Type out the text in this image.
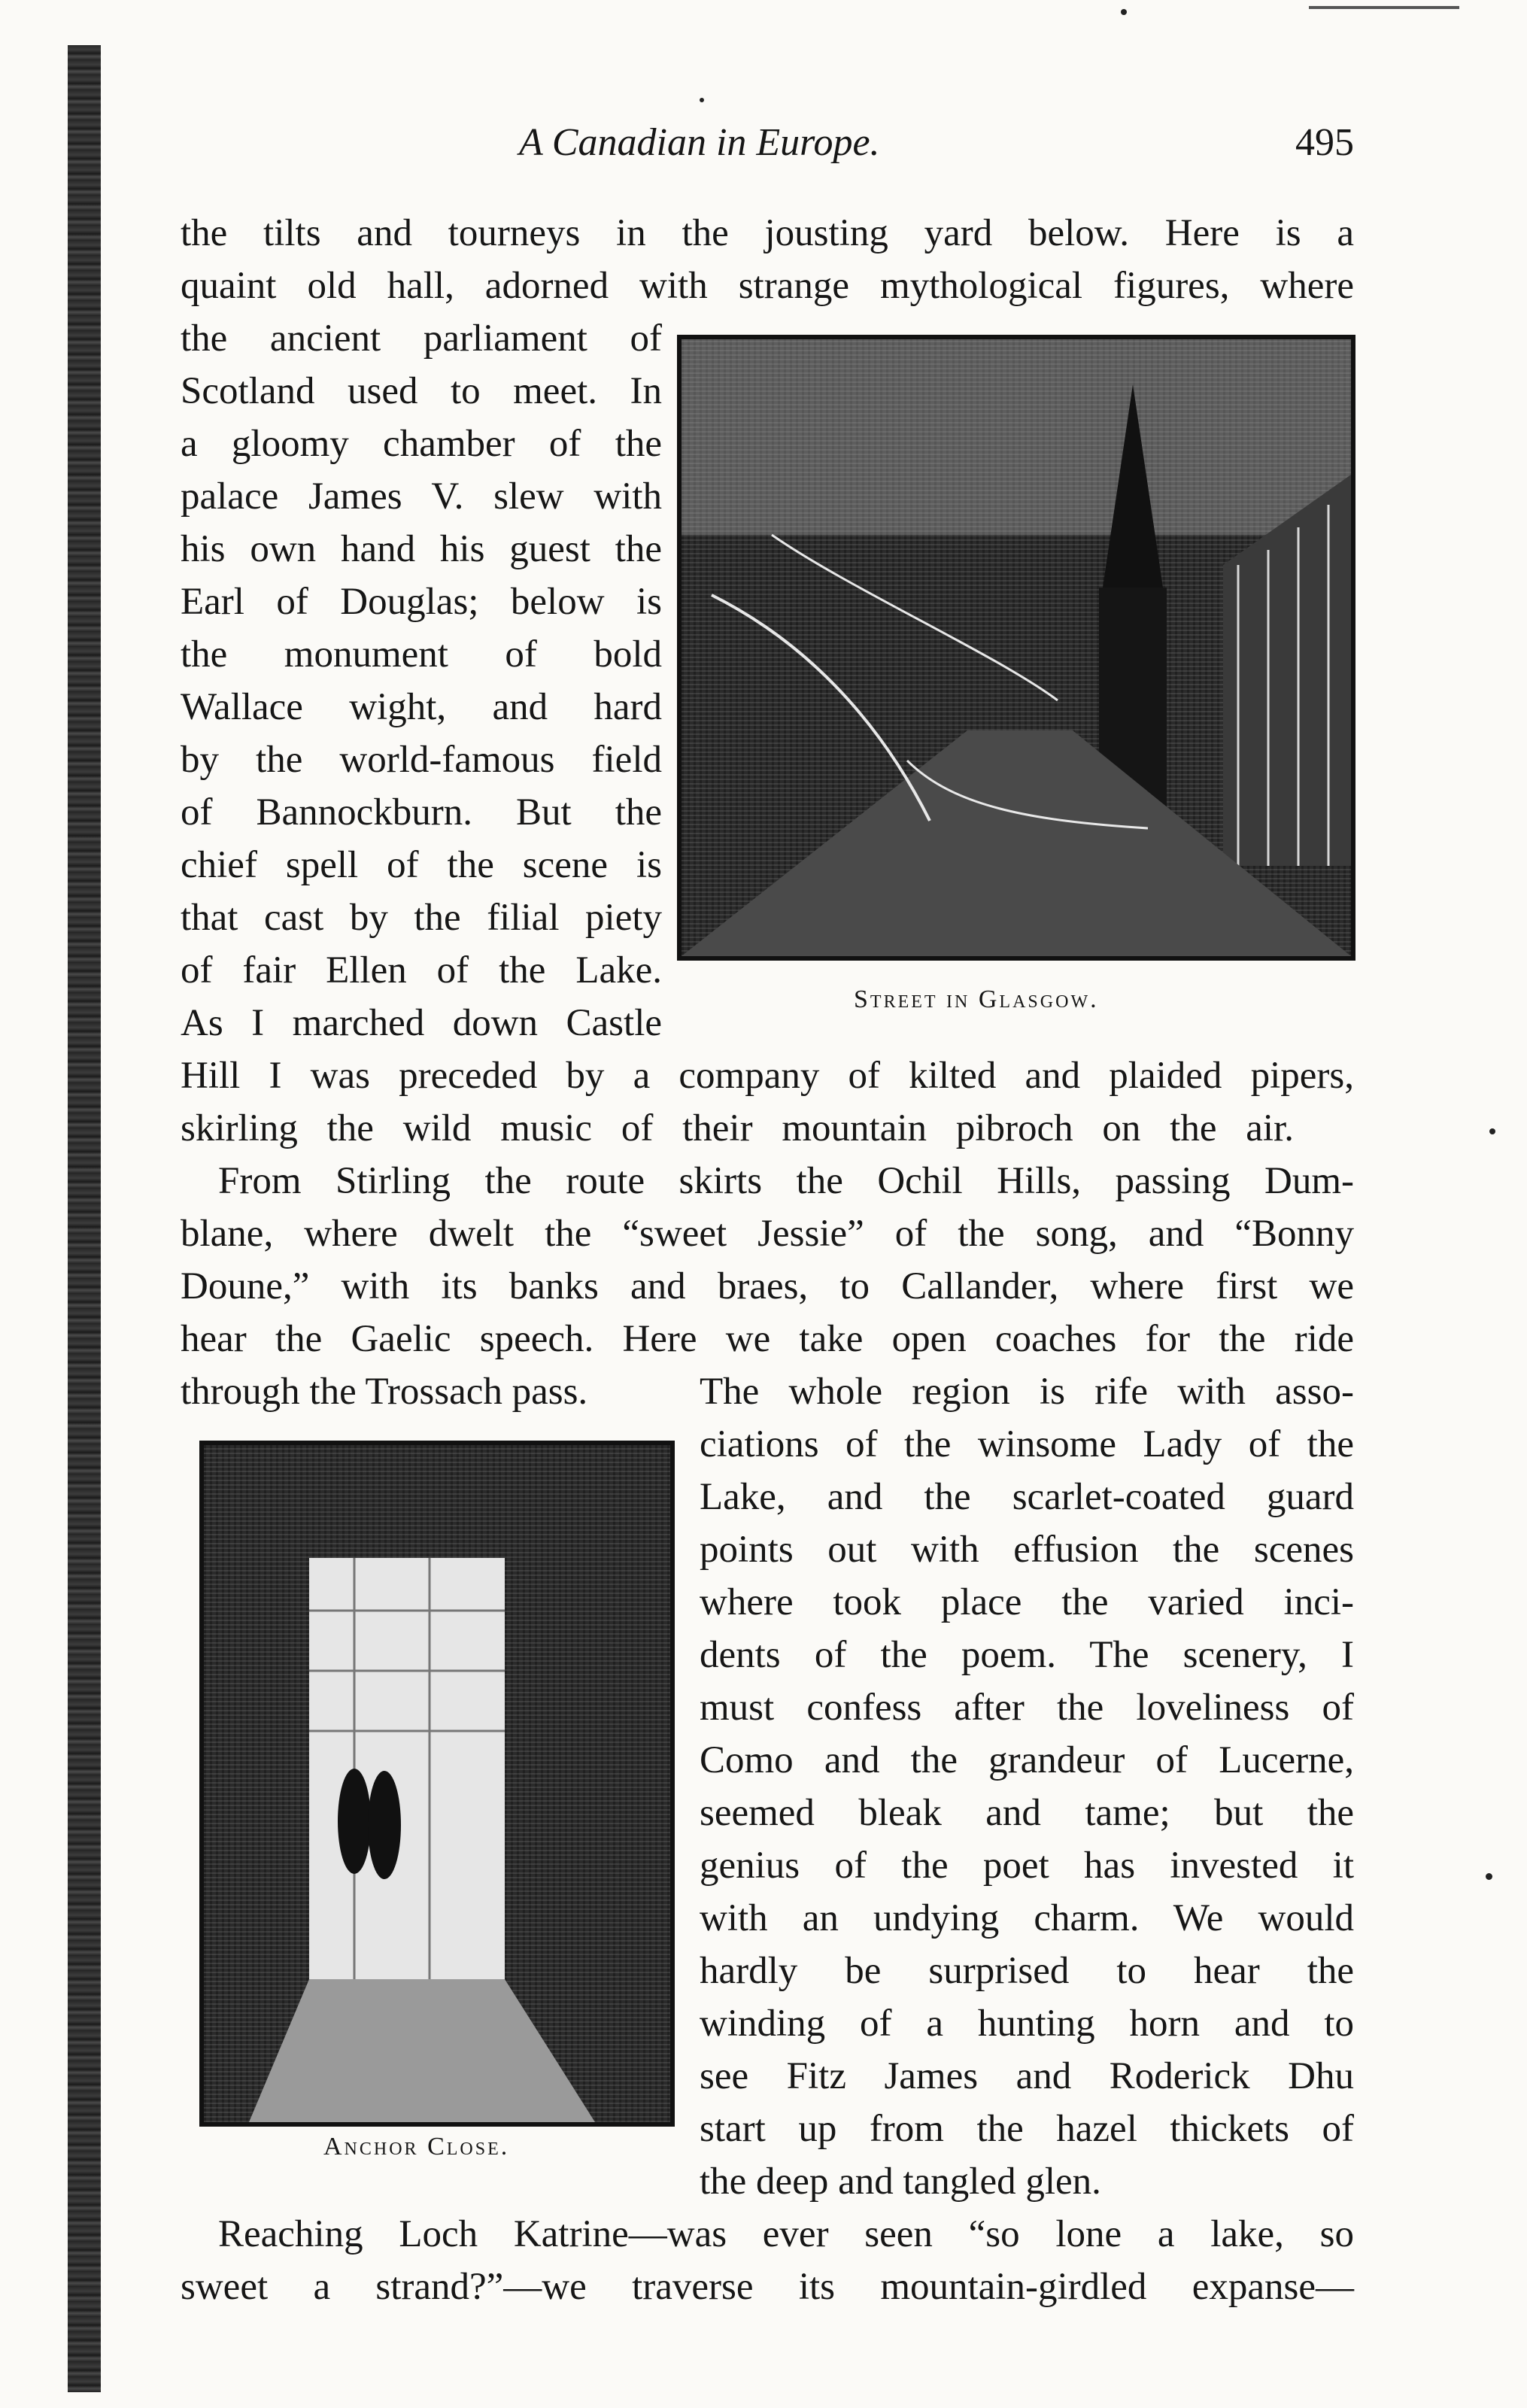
A Canadian in Europe.	495
Street in Glasgow.
Anchor Close.
the tilts and tourneys in the jousting yard below. Here is a
quaint old hall, adorned with strange mythological figures, where
the ancient parliament of
Scotland used to meet. In
a gloomy chamber of the
palace James V. slew with
his own hand his guest the
Earl of Douglas; below is
the monument of bold
Wallace wight, and hard
by the world-famous field
of Bannockburn. But the
chief spell of the scene is
that cast by the filial piety
of fair Ellen of the Lake.
As I marched down Castle
Hill I was preceded by a company of kilted and plaided pipers,
skirling the wild music of their mountain pibroch on the air.
From Stirling the route skirts the Ochil Hills, passing Dum-
blane, where dwelt the “sweet Jessie” of the song, and “Bonny
Doune,” with its banks and braes, to Callander, where first we
hear the Gaelic speech. Here we take open coaches for the ride
through the Trossach pass.	The whole region is rife with asso-
ciations of the winsome Lady of the
Lake, and the scarlet-coated guard
points out with effusion the scenes
where took place the varied inci-
dents of the poem. The scenery, I
must confess after the loveliness of
Como and the grandeur of Lucerne,
seemed bleak and tame; but the
genius of the poet has invested it
with an undying charm. We would
hardly be surprised to hear the
winding of a hunting horn and to
see Fitz James and Roderick Dhu
start up from the hazel thickets of
the deep and tangled glen.
Reaching Loch Katrine—was ever seen “so lone a lake, so
sweet a strand?”—we traverse its mountain-girdled expanse—
